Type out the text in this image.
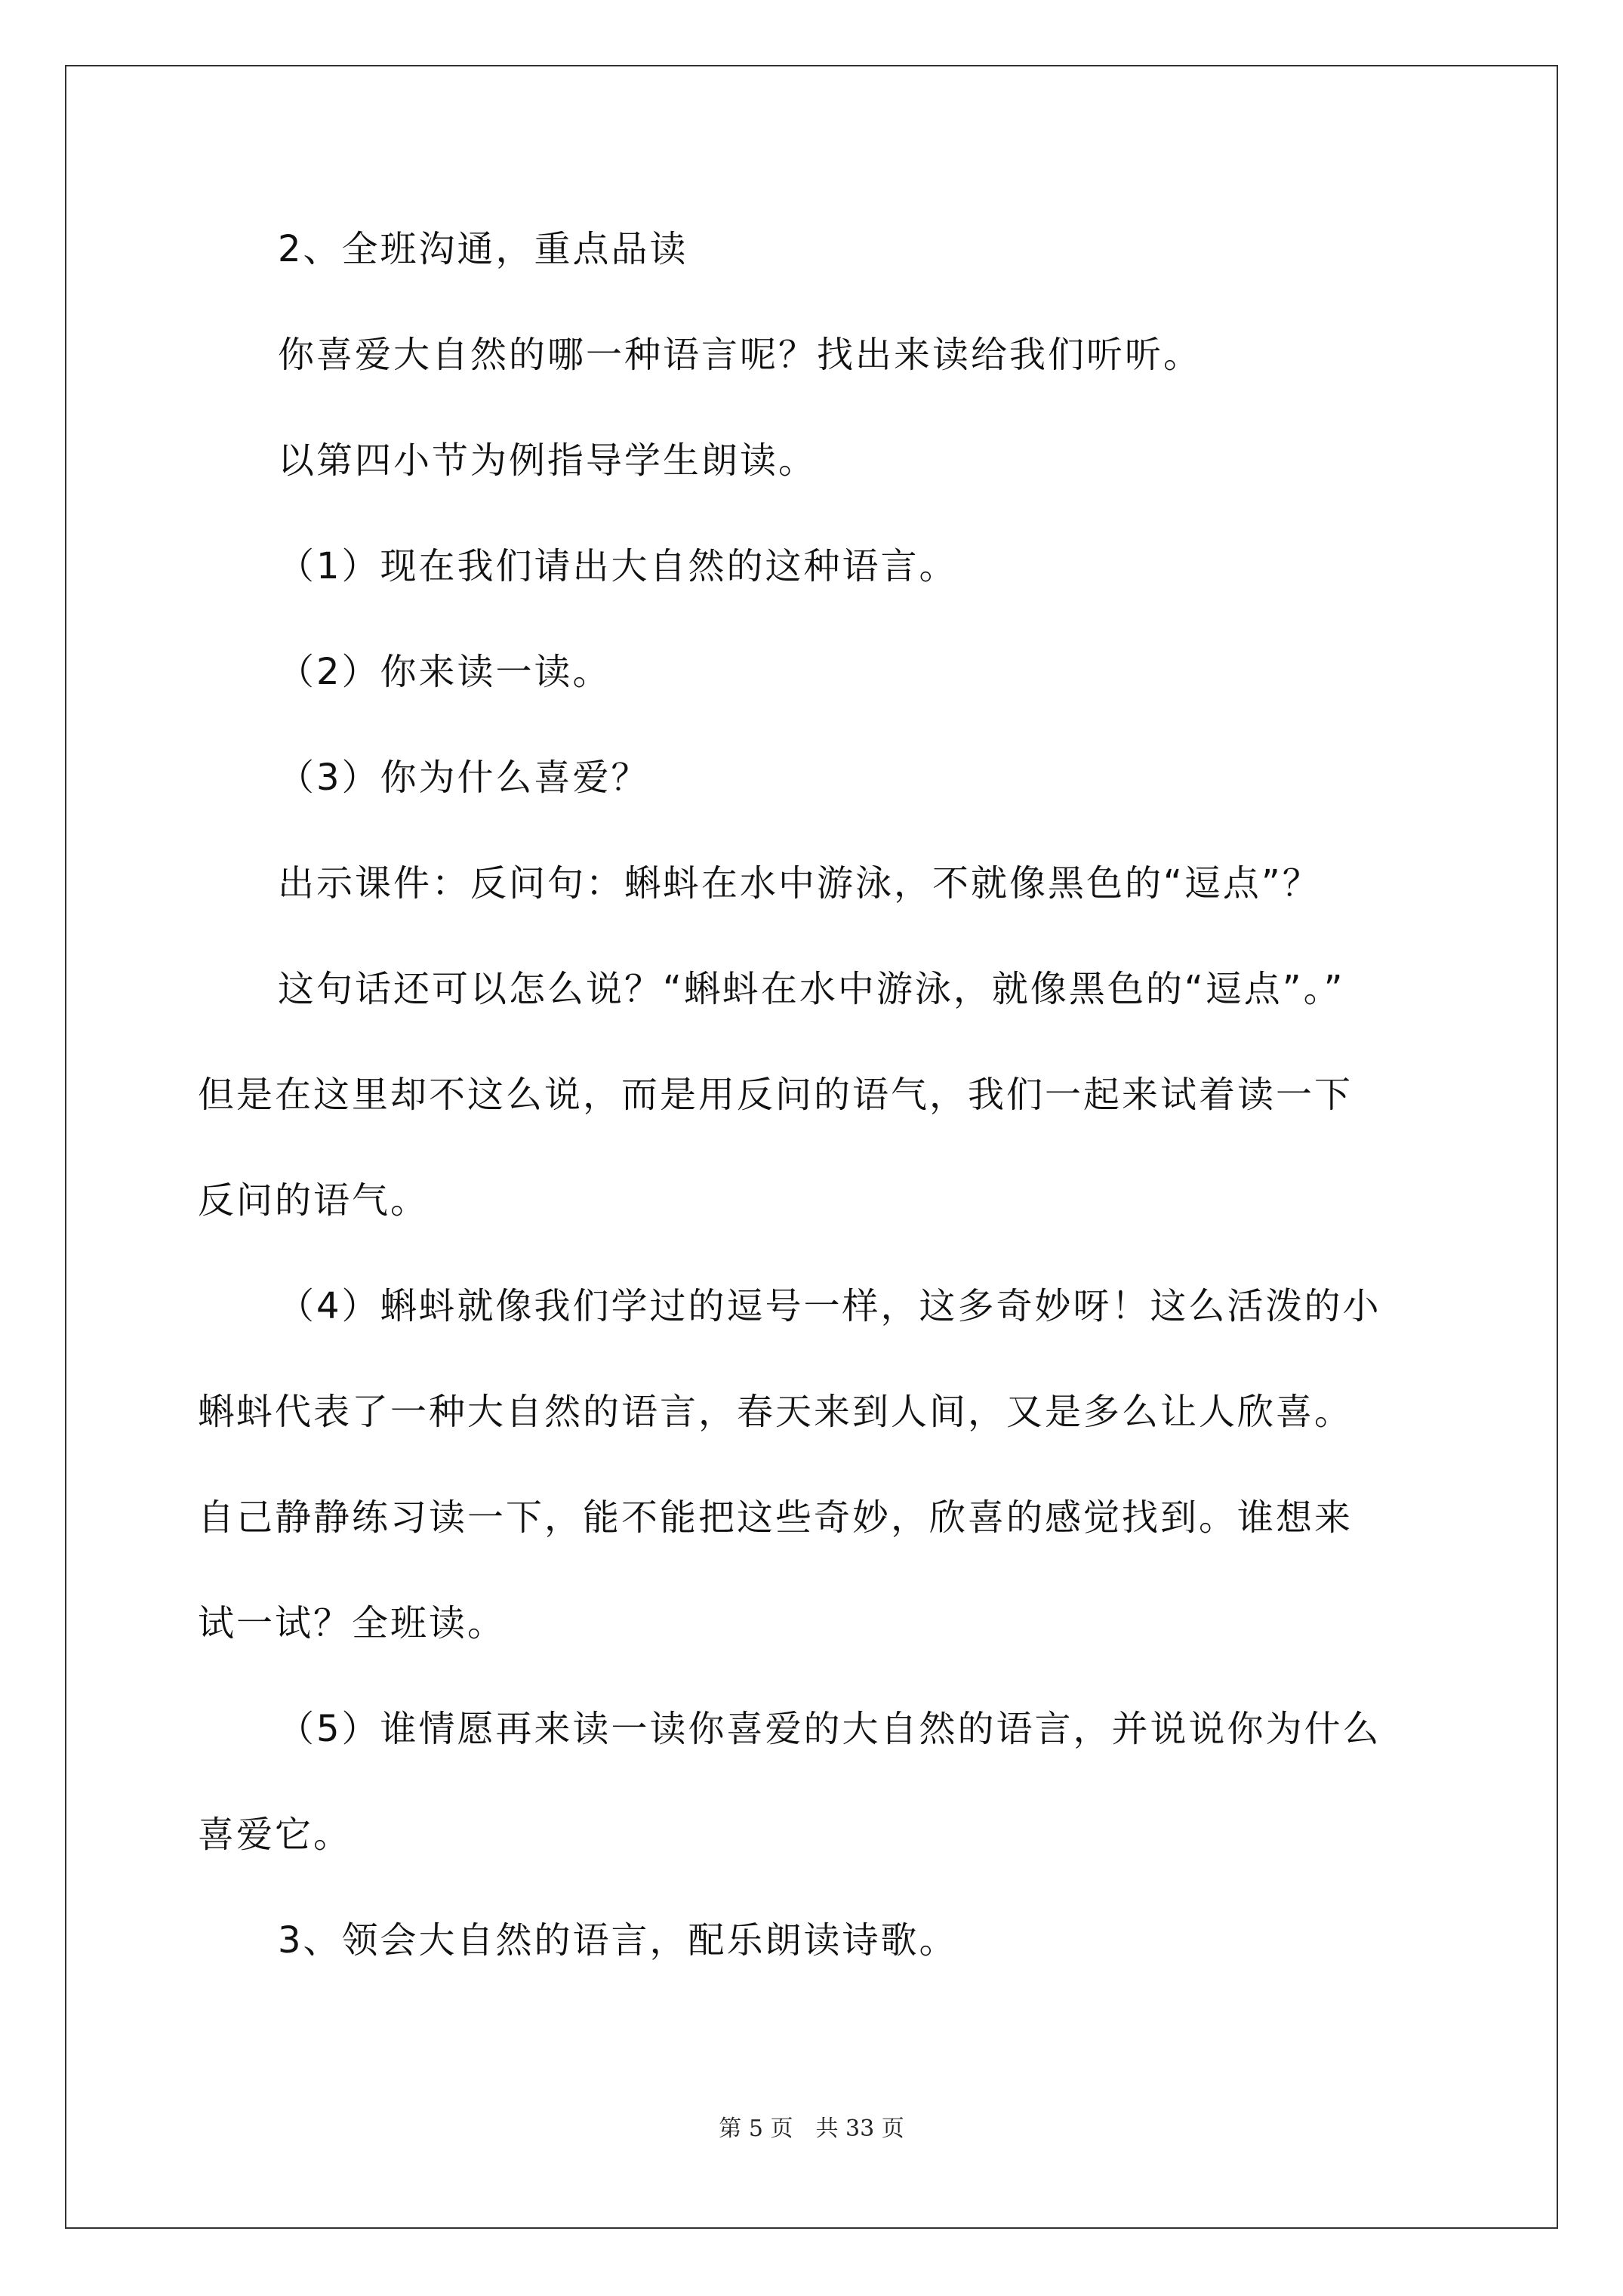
2、全班沟通，重点品读
你喜爱大自然的哪一种语言呢？找出来读给我们听听。
以第四小节为例指导学生朗读。
（1）现在我们请出大自然的这种语言。
（2）你来读一读。
（3）你为什么喜爱？
出示课件：反问句：蝌蚪在水中游泳，不就像黑色的“逗点”？
这句话还可以怎么说？“蝌蚪在水中游泳，就像黑色的“逗点”。”
但是在这里却不这么说，而是用反问的语气，我们一起来试着读一下
反问的语气。
（4）蝌蚪就像我们学过的逗号一样，这多奇妙呀！这么活泼的小
蝌蚪代表了一种大自然的语言，春天来到人间，又是多么让人欣喜。
自己静静练习读一下，能不能把这些奇妙，欣喜的感觉找到。谁想来
试一试？全班读。
（5）谁情愿再来读一读你喜爱的大自然的语言，并说说你为什么
喜爱它。
3、领会大自然的语言，配乐朗读诗歌。
第 5 页　共 33 页
